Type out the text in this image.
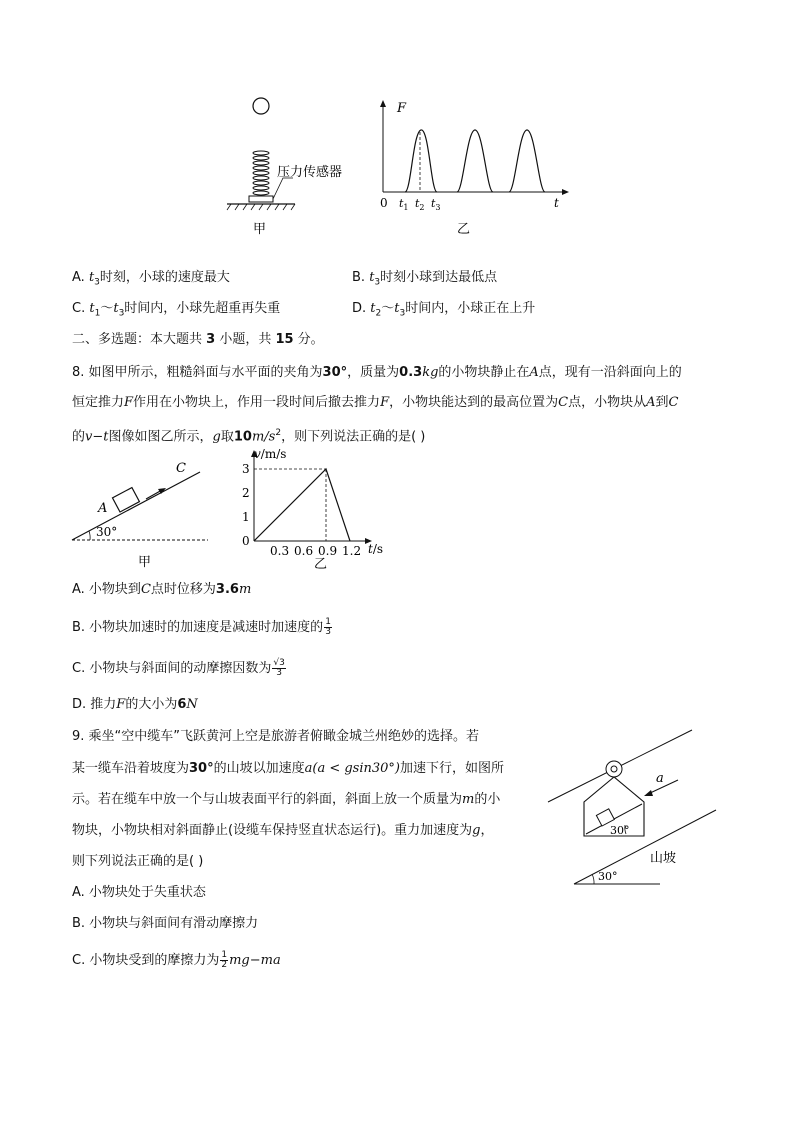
压力传感器
甲
F
t
0 $t_1$ $t_2$ $t_3$
乙
A. $t_3$时刻，小球的速度最大	B. $t_3$时刻小球到达最低点
C. $t_1\sim t_3$时间内，小球先超重再失重	D. $t_2\sim t_3$时间内，小球正在上升
二、多选题：本大题共 3 小题，共 15 分。
8. 如图甲所示，粗糙斜面与水平面的夹角为30°，质量为0.3kg的小物块静止在A点，现有一沿斜面向上的
恒定推力F作用在小物块上，作用一段时间后撤去推力F，小物块能达到的最高位置为C点，小物块从A到C
的v−t图像如图乙所示，g取$10m/s^2$，则下列说法正确的是( )
30°
A
C
甲
0
1
2
3
0.3 0.6 0.9 1.2
v/m/s
t/s
乙
A. 小物块到C点时位移为3.6m
B. 小物块加速时的加速度是减速时加速度的 $\frac{1}{3}$
C. 小物块与斜面间的动摩擦因数为 $\frac{√3}{3}$
D. 推力F的大小为6N
9. 乘坐“空中缆车”飞跃黄河上空是旅游者俯瞰金城兰州绝妙的选择。若
某一缆车沿着坡度为30°的山坡以加速度a(a < gsin30°)加速下行，如图所
示。若在缆车中放一个与山坡表面平行的斜面，斜面上放一个质量为m的小
物块，小物块相对斜面静止(设缆车保持竖直状态运行)。重力加速度为g，
则下列说法正确的是( )
30°
a
30°
山坡
A. 小物块处于失重状态
B. 小物块与斜面间有滑动摩擦力
C. 小物块受到的摩擦力为 $\frac{1}{2} mg-ma$
